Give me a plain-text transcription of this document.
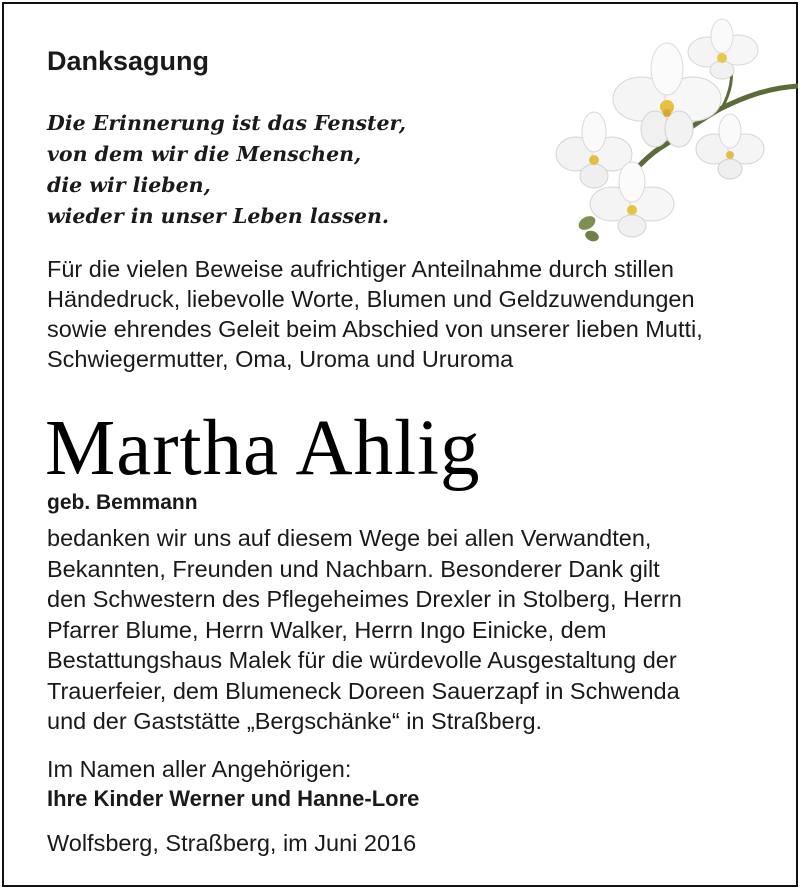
Danksagung
Die Erinnerung ist das Fenster,
von dem wir die Menschen,
die wir lieben,
wieder in unser Leben lassen.
Für die vielen Beweise aufrichtiger Anteilnahme durch stillen
Händedruck, liebevolle Worte, Blumen und Geldzuwendungen
sowie ehrendes Geleit beim Abschied von unserer lieben Mutti,
Schwiegermutter, Oma, Uroma und Ururoma
Martha Ahlig
geb. Bemmann
bedanken wir uns auf diesem Wege bei allen Verwandten,
Bekannten, Freunden und Nachbarn. Besonderer Dank gilt
den Schwestern des Pflegeheimes Drexler in Stolberg, Herrn
Pfarrer Blume, Herrn Walker, Herrn Ingo Einicke, dem
Bestattungshaus Malek für die würdevolle Ausgestaltung der
Trauerfeier, dem Blumeneck Doreen Sauerzapf in Schwenda
und der Gaststätte „Bergschänke“ in Straßberg.
Im Namen aller Angehörigen:
Ihre Kinder Werner und Hanne-Lore
Wolfsberg, Straßberg, im Juni 2016
